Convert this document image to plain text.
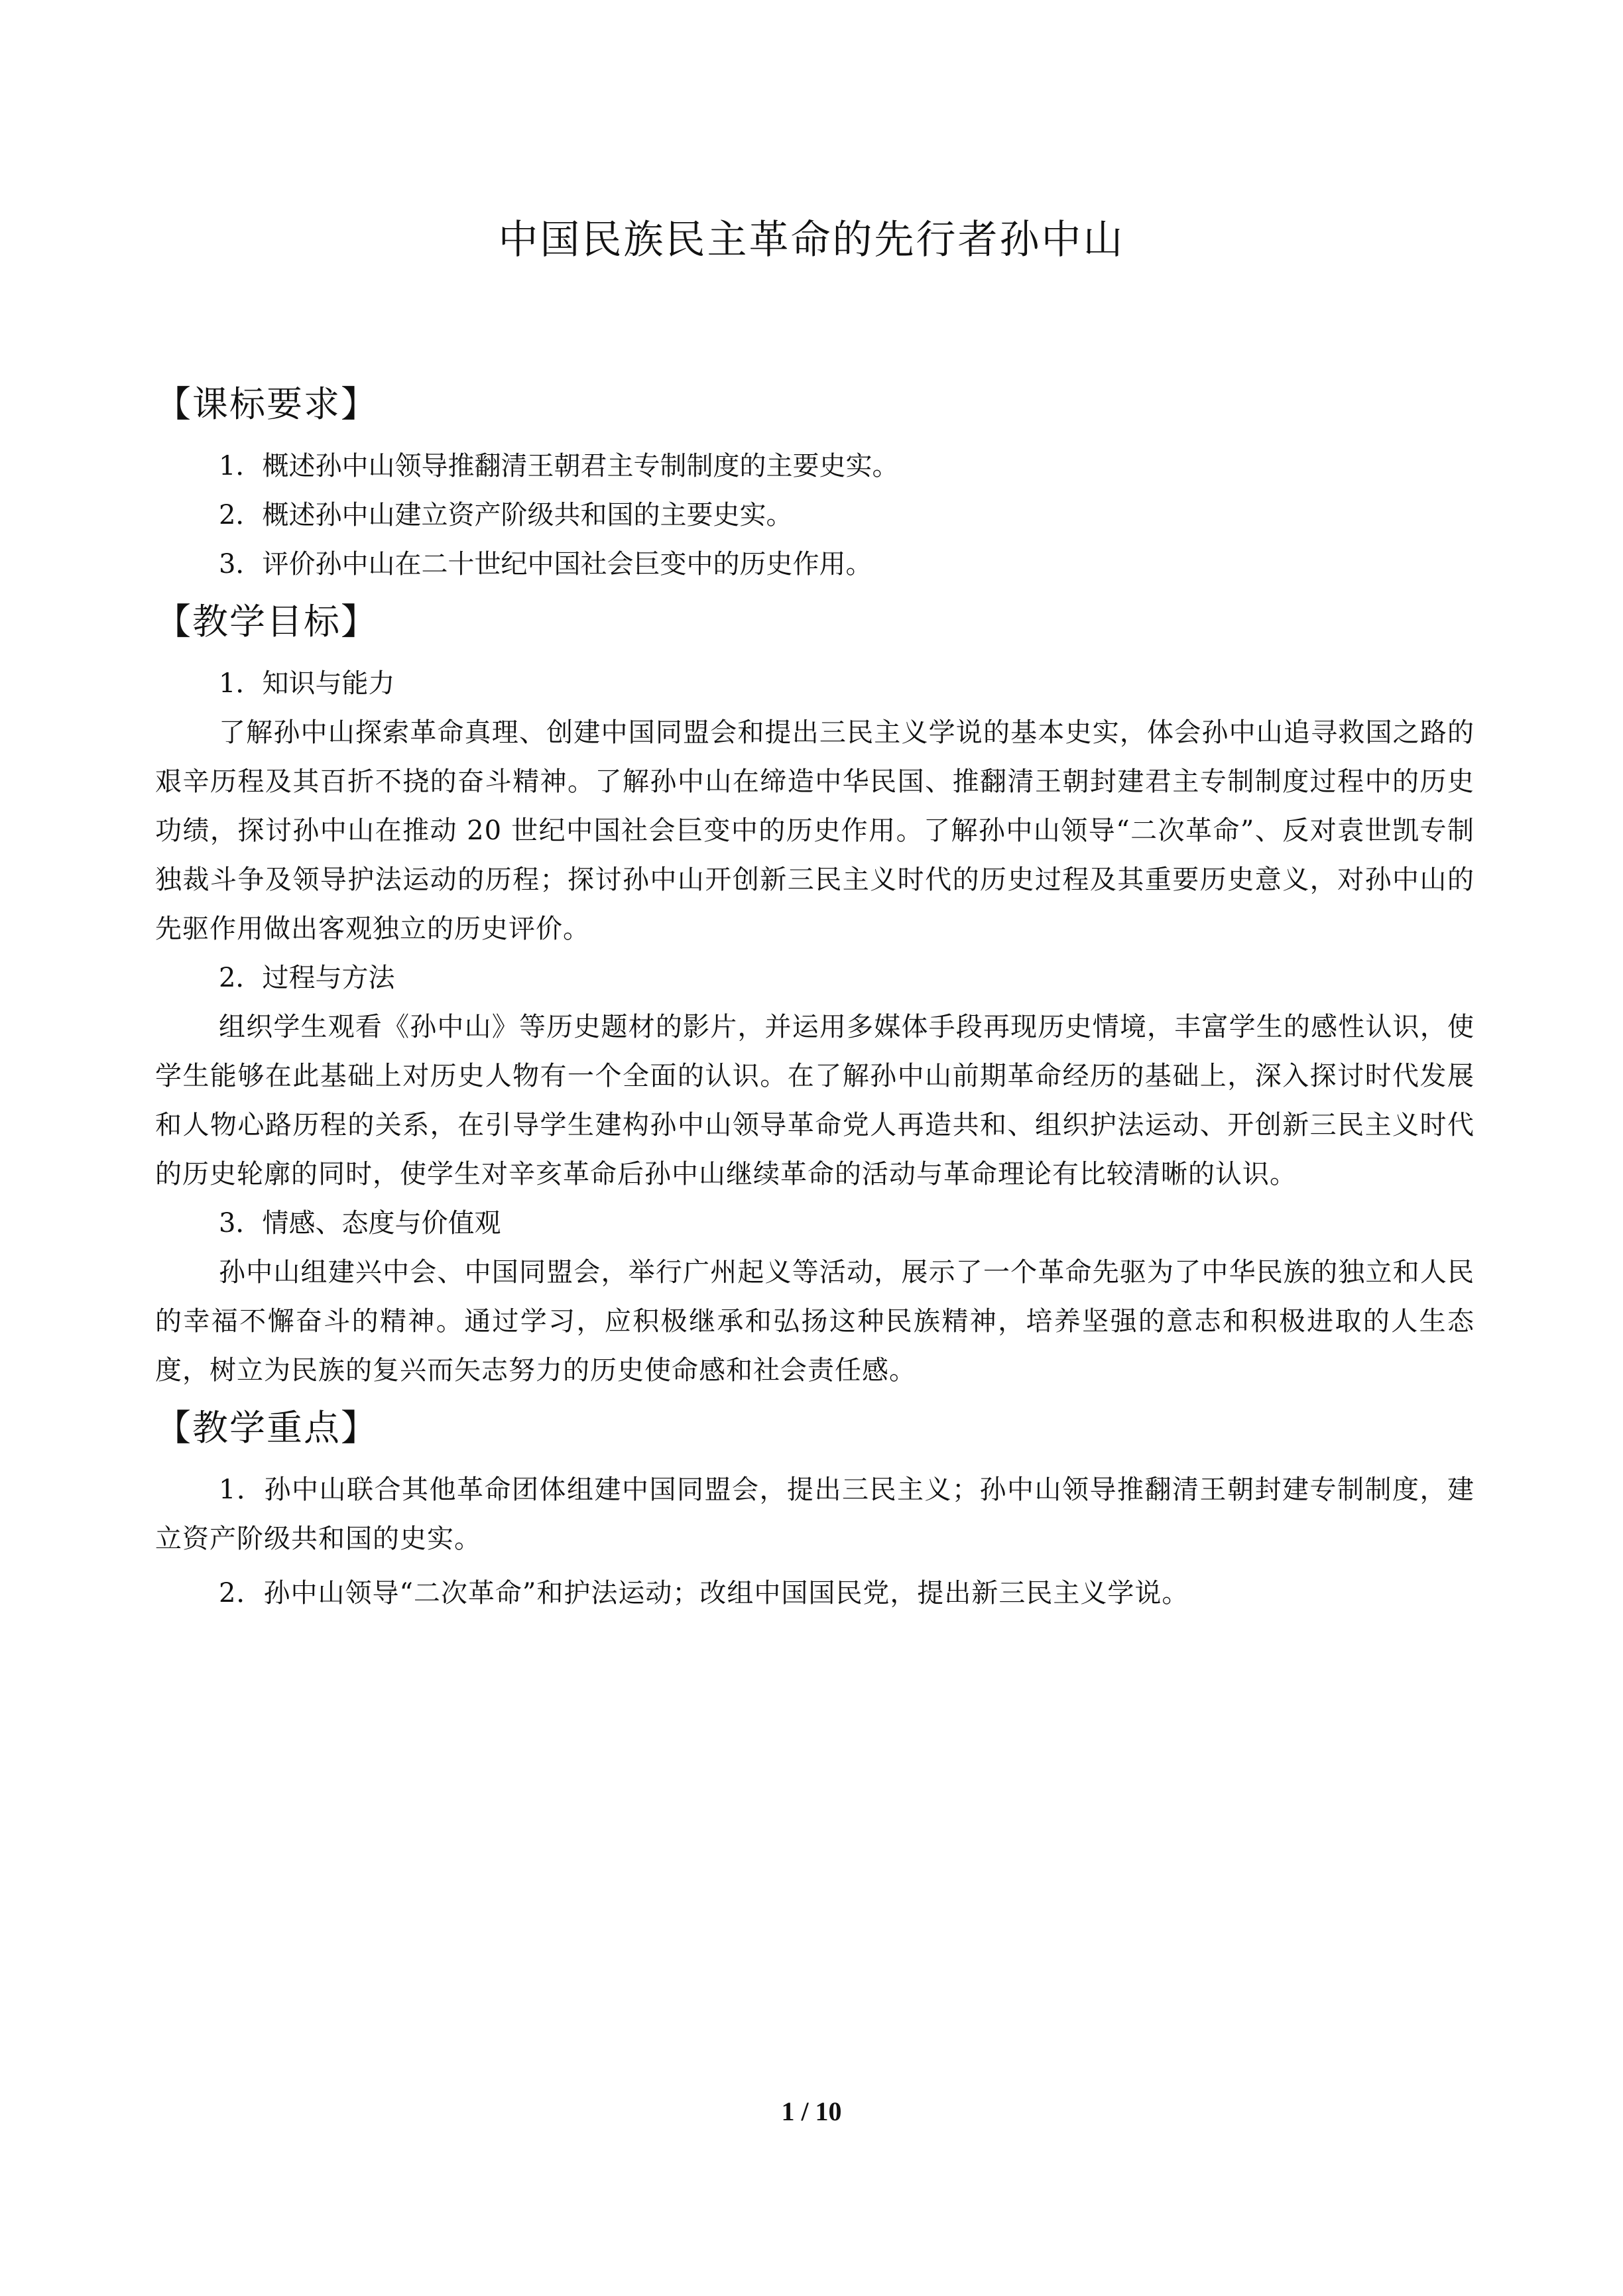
中国民族民主革命的先行者孙中山
【课标要求】

1．概述孙中山领导推翻清王朝君主专制制度的主要史实。

2．概述孙中山建立资产阶级共和国的主要史实。

3．评价孙中山在二十世纪中国社会巨变中的历史作用。

【教学目标】

1．知识与能力

了解孙中山探索革命真理、创建中国同盟会和提出三民主义学说的基本史实，体会孙中山追寻救国之路的艰辛历程及其百折不挠的奋斗精神。了解孙中山在缔造中华民国、推翻清王朝封建君主专制制度过程中的历史功绩，探讨孙中山在推动 20 世纪中国社会巨变中的历史作用。了解孙中山领导“二次革命”、反对袁世凯专制独裁斗争及领导护法运动的历程；探讨孙中山开创新三民主义时代的历史过程及其重要历史意义，对孙中山的先驱作用做出客观独立的历史评价。

2．过程与方法

组织学生观看《孙中山》等历史题材的影片，并运用多媒体手段再现历史情境，丰富学生的感性认识，使学生能够在此基础上对历史人物有一个全面的认识。在了解孙中山前期革命经历的基础上，深入探讨时代发展和人物心路历程的关系，在引导学生建构孙中山领导革命党人再造共和、组织护法运动、开创新三民主义时代的历史轮廓的同时，使学生对辛亥革命后孙中山继续革命的活动与革命理论有比较清晰的认识。

3．情感、态度与价值观

孙中山组建兴中会、中国同盟会，举行广州起义等活动，展示了一个革命先驱为了中华民族的独立和人民的幸福不懈奋斗的精神。通过学习，应积极继承和弘扬这种民族精神，培养坚强的意志和积极进取的人生态度，树立为民族的复兴而矢志努力的历史使命感和社会责任感。

【教学重点】

1．孙中山联合其他革命团体组建中国同盟会，提出三民主义；孙中山领导推翻清王朝封建专制制度，建立资产阶级共和国的史实。

2．孙中山领导“二次革命”和护法运动；改组中国国民党，提出新三民主义学说。

1 / 10
